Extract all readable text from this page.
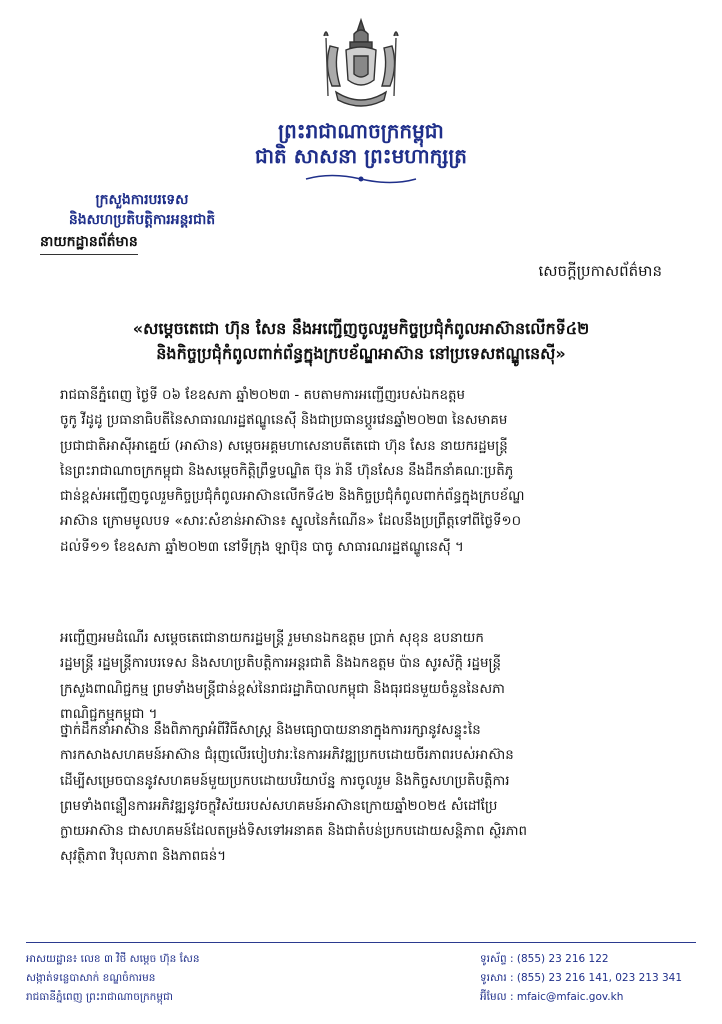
ព្រះរាជាណាចក្រកម្ពុជា
ជាតិ សាសនា ព្រះមហាក្សត្រ
ក្រសួងការបរទេស
និងសហប្រតិបត្តិការអន្តរជាតិ
នាយកដ្ឋានព័ត៌មាន
សេចក្តីប្រកាសព័ត៌មាន
«សម្តេចតេជោ ហ៊ុន សែន នឹងអញ្ជើញចូលរួមកិច្ចប្រជុំកំពូលអាស៊ានលើកទី៤២
និងកិច្ចប្រជុំកំពូលពាក់ព័ន្ធក្នុងក្របខ័ណ្ឌអាស៊ាន នៅប្រទេសឥណ្ឌូនេស៊ី»
រាជធានីភ្នំពេញ ថ្ងៃទី ០៦ ខែឧសភា ឆ្នាំ២០២៣ - តបតាមការអញ្ជើញរបស់ឯកឧត្តម
ចូកូ វីដូដូ ប្រធានាធិបតីនៃសាធារណរដ្ឋឥណ្ឌូនេស៊ី និងជាប្រធានប្តូរវេនឆ្នាំ២០២៣ នៃសមាគម
ប្រជាជាតិអាស៊ីអាគ្នេយ៍ (អាស៊ាន) សម្តេចអគ្គមហាសេនាបតីតេជោ ហ៊ុន សែន នាយករដ្ឋមន្ត្រី
នៃព្រះរាជាណាចក្រកម្ពុជា និងសម្តេចកិត្តិព្រឹទ្ធបណ្ឌិត ប៊ុន រ៉ានី ហ៊ុនសែន នឹងដឹកនាំគណៈប្រតិភូ
ជាន់ខ្ពស់អញ្ជើញចូលរួមកិច្ចប្រជុំកំពូលអាស៊ានលើកទី៤២ និងកិច្ចប្រជុំកំពូលពាក់ព័ន្ធក្នុងក្របខ័ណ្ឌ
អាស៊ាន ក្រោមមូលបទ «សារៈសំខាន់អាស៊ាន៖ ស្នូលនៃកំណើន» ដែលនឹងប្រព្រឹត្តទៅពីថ្ងៃទី១០
ដល់ទី១១ ខែឧសភា ឆ្នាំ២០២៣ នៅទីក្រុង ឡាប៊ុន បាចូ សាធារណរដ្ឋឥណ្ឌូនេស៊ី ។
អញ្ជើញអមដំណើរ សម្តេចតេជោនាយករដ្ឋមន្ត្រី រួមមានឯកឧត្តម ប្រាក់ សុខុន ឧបនាយក
រដ្ឋមន្ត្រី រដ្ឋមន្ត្រីការបរទេស និងសហប្រតិបត្តិការអន្តរជាតិ និងឯកឧត្តម ប៉ាន សូរស័ក្តិ រដ្ឋមន្ត្រី
ក្រសួងពាណិជ្ជកម្ម ព្រមទាំងមន្ត្រីជាន់ខ្ពស់នៃរាជរដ្ឋាភិបាលកម្ពុជា និងធុរជនមួយចំនួននៃសភា
ពាណិជ្ជកម្មកម្ពុជា ។
ថ្នាក់ដឹកនាំអាស៊ាន នឹងពិភាក្សាអំពីវិធីសាស្ត្រ និងមធ្យោបាយនានាក្នុងការរក្សានូវសន្ទុះនៃ
ការកសាងសហគមន៍អាស៊ាន ជំរុញលើរបៀបវារៈនៃការអភិវឌ្ឍប្រកបដោយចីរភាពរបស់អាស៊ាន
ដើម្បីសម្រេចបាននូវសហគមន៍មួយប្រកបដោយបរិយាប័ន្ន ការចូលរួម និងកិច្ចសហប្រតិបត្តិការ
ព្រមទាំងពន្លឿនការអភិវឌ្ឍនូវចក្ខុវិស័យរបស់សហគមន៍អាស៊ានក្រោយឆ្នាំ២០២៥ សំដៅប្រែ
ក្លាយអាស៊ាន ជាសហគមន៍ដែលតម្រង់ទិសទៅអនាគត និងជាតំបន់ប្រកបដោយសន្តិភាព ស្ថិរភាព
សុវត្ថិភាព វិបុលភាព និងភាពធន់។
អាសយដ្ឋាន៖ លេខ ៣ វិថី សម្តេច ហ៊ុន សែន
សង្កាត់ទន្លេបាសាក់ ខណ្ឌចំការមន
រាជធានីភ្នំពេញ ព្រះរាជាណាចក្រកម្ពុជា
ទូរស័ព្ទ : (855) 23 216 122
ទូរសារ : (855) 23 216 141, 023 213 341
អ៊ីមែល : mfaic@mfaic.gov.kh
